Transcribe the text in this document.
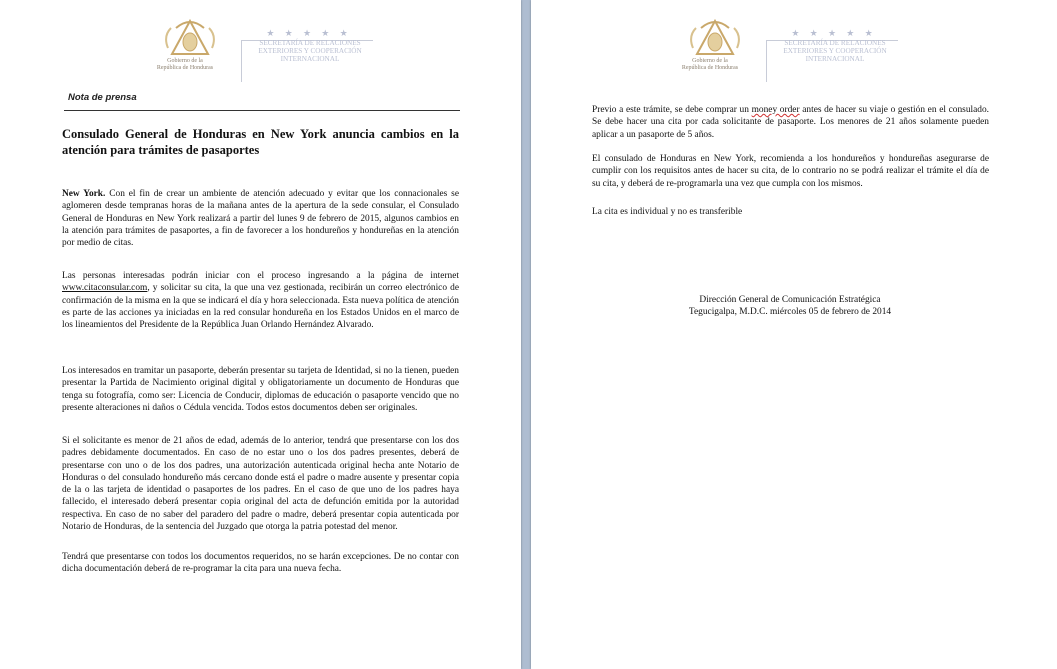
Gobierno de la
República de Honduras
★ ★ ★ ★ ★
SECRETARÍA DE RELACIONES
EXTERIORES Y COOPERACIÓN
INTERNACIONAL
Nota de prensa
Consulado General de Honduras en New York anuncia cambios en la atención para trámites de pasaportes

New York. Con el fin de crear un ambiente de atención adecuado y evitar que los connacionales se aglomeren desde tempranas horas de la mañana antes de la apertura de la sede consular, el Consulado General de Honduras en New York realizará a partir del lunes 9 de febrero de 2015, algunos cambios en la atención para trámites de pasaportes, a fin de favorecer a los hondureños y hondureñas en la atención por medio de citas.

Las personas interesadas podrán iniciar con el proceso ingresando a la página de internet www.citaconsular.com, y solicitar su cita, la que una vez gestionada, recibirán un correo electrónico de confirmación de la misma en la que se indicará el día y hora seleccionada. Esta nueva política de atención es parte de las acciones ya iniciadas en la red consular hondureña en los Estados Unidos en el marco de los lineamientos del Presidente de la República Juan Orlando Hernández Alvarado.

Los interesados en tramitar un pasaporte, deberán presentar su tarjeta de Identidad, si no la tienen, pueden presentar la Partida de Nacimiento original digital y obligatoriamente un documento de Honduras que tenga su fotografía, como ser: Licencia de Conducir, diplomas de educación o pasaporte vencido que no presente alteraciones ni daños o Cédula vencida. Todos estos documentos deben ser originales.

Si el solicitante es menor de 21 años de edad, además de lo anterior, tendrá que presentarse con los dos padres debidamente documentados. En caso de no estar uno o los dos padres presentes, deberá de presentarse con uno o de los dos padres, una autorización autenticada original hecha ante Notario de Honduras o del consulado hondureño más cercano donde está el padre o madre ausente y presentar copia de la o las tarjeta de identidad o pasaportes de los padres. En el caso de que uno de los padres haya fallecido, el interesado deberá presentar copia original del acta de defunción emitida por la autoridad respectiva. En caso de no saber del paradero del padre o madre, deberá presentar copia autenticada por Notario de Honduras, de la sentencia del Juzgado que otorga la patria potestad del menor.

Tendrá que presentarse con todos los documentos requeridos, no se harán excepciones. De no contar con dicha documentación deberá de re-programar la cita para una nueva fecha.

Gobierno de la
República de Honduras
★ ★ ★ ★ ★
SECRETARÍA DE RELACIONES
EXTERIORES Y COOPERACIÓN
INTERNACIONAL

Previo a este trámite, se debe comprar un money order antes de hacer su viaje o gestión en el consulado. Se debe hacer una cita por cada solicitante de pasaporte. Los menores de 21 años solamente pueden aplicar a un pasaporte de 5 años.

El consulado de Honduras en New York, recomienda a los hondureños y hondureñas asegurarse de cumplir con los requisitos antes de hacer su cita, de lo contrario no se podrá realizar el trámite el día de su cita, y deberá de re-programarla una vez que cumpla con los mismos.

La cita es individual y no es transferible

Dirección General de Comunicación Estratégica
Tegucigalpa, M.D.C. miércoles 05 de febrero de 2014
